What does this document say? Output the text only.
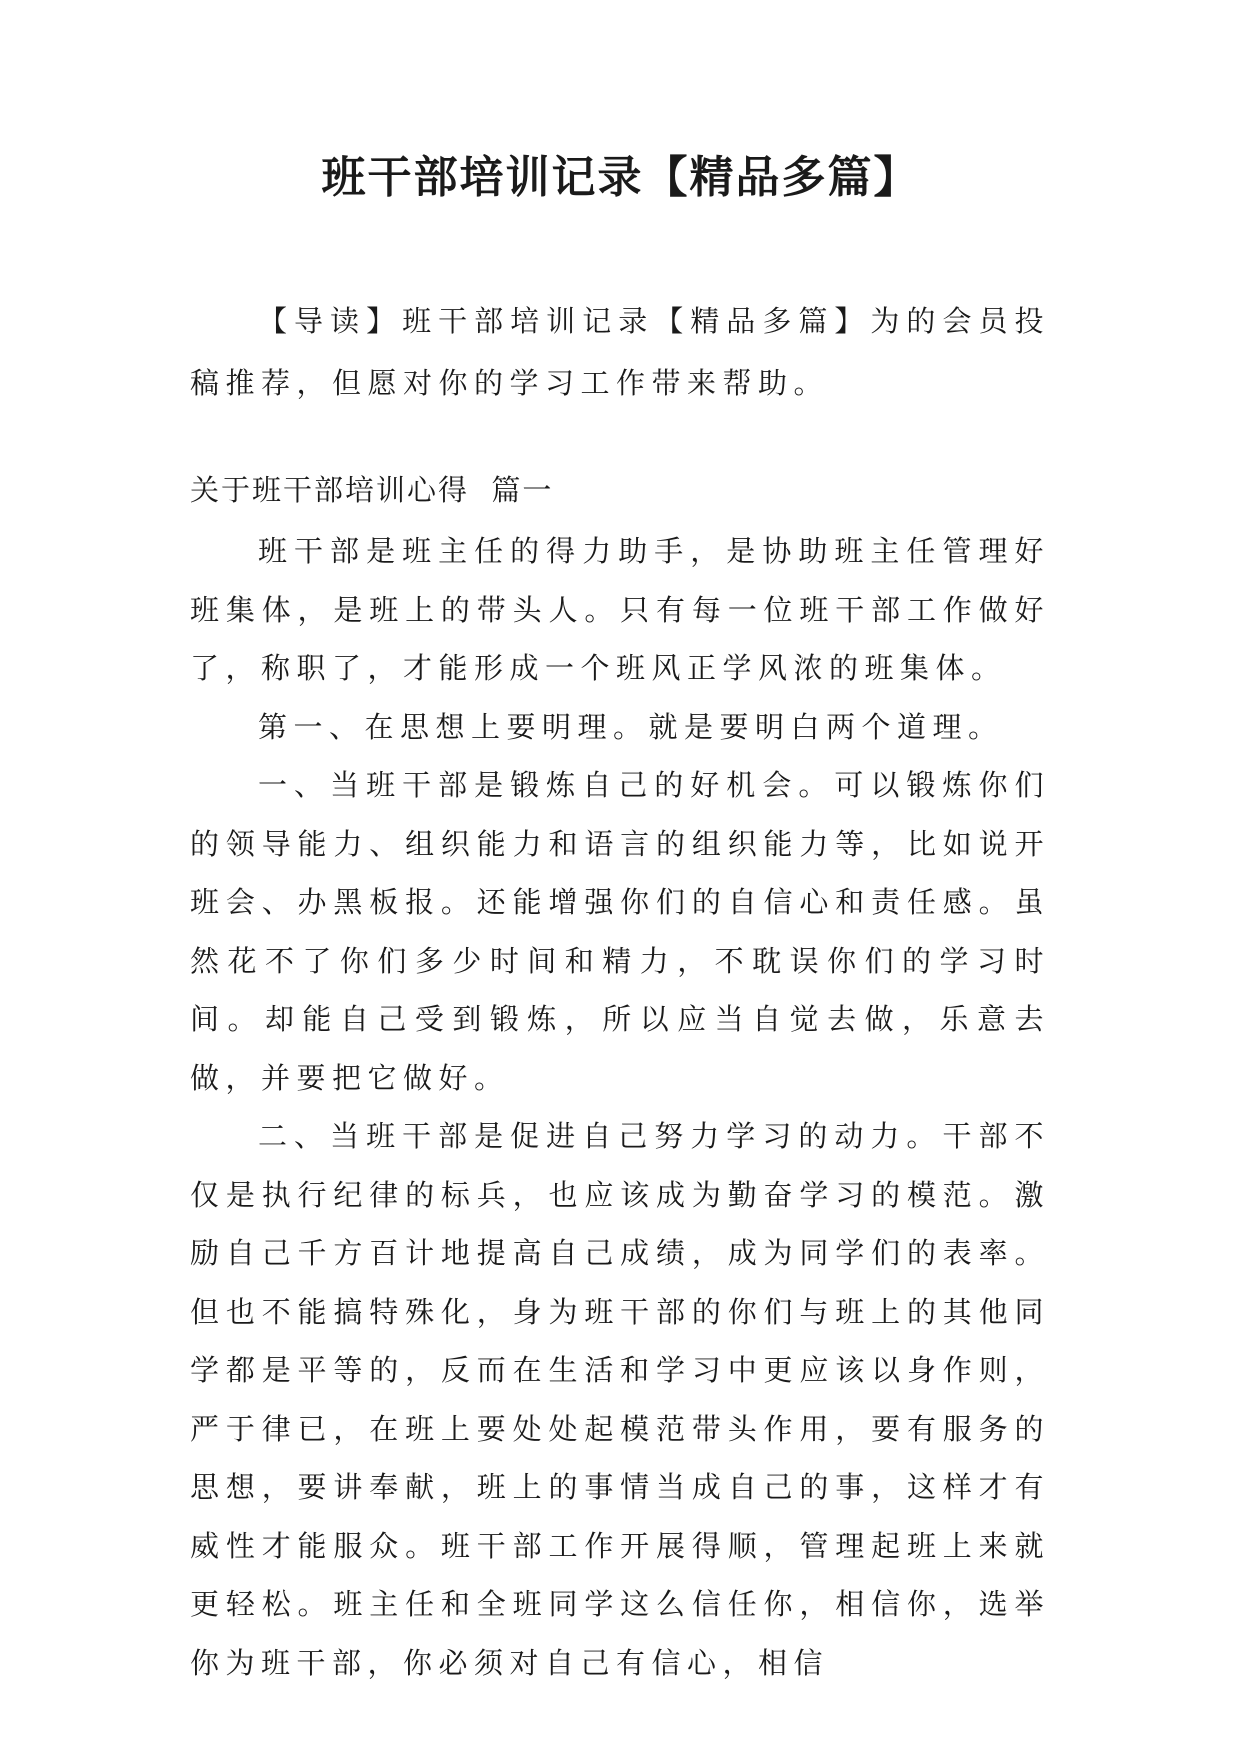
班干部培训记录【精品多篇】

【导读】班干部培训记录【精品多篇】为的会员投稿推荐，但愿对你的学习工作带来帮助。

关于班干部培训心得  篇一

班干部是班主任的得力助手，是协助班主任管理好班集体，是班上的带头人。只有每一位班干部工作做好了，称职了，才能形成一个班风正学风浓的班集体。

第一、在思想上要明理。就是要明白两个道理。

一、当班干部是锻炼自己的好机会。可以锻炼你们的领导能力、组织能力和语言的组织能力等，比如说开班会、办黑板报。还能增强你们的自信心和责任感。虽然花不了你们多少时间和精力，不耽误你们的学习时间。却能自己受到锻炼，所以应当自觉去做，乐意去做，并要把它做好。

二、当班干部是促进自己努力学习的动力。干部不仅是执行纪律的标兵，也应该成为勤奋学习的模范。激励自己千方百计地提高自己成绩，成为同学们的表率。但也不能搞特殊化，身为班干部的你们与班上的其他同学都是平等的，反而在生活和学习中更应该以身作则，严于律已，在班上要处处起模范带头作用，要有服务的思想，要讲奉献，班上的事情当成自己的事，这样才有威性才能服众。班干部工作开展得顺，管理起班上来就更轻松。班主任和全班同学这么信任你，相信你，选举你为班干部，你必须对自己有信心，相信
